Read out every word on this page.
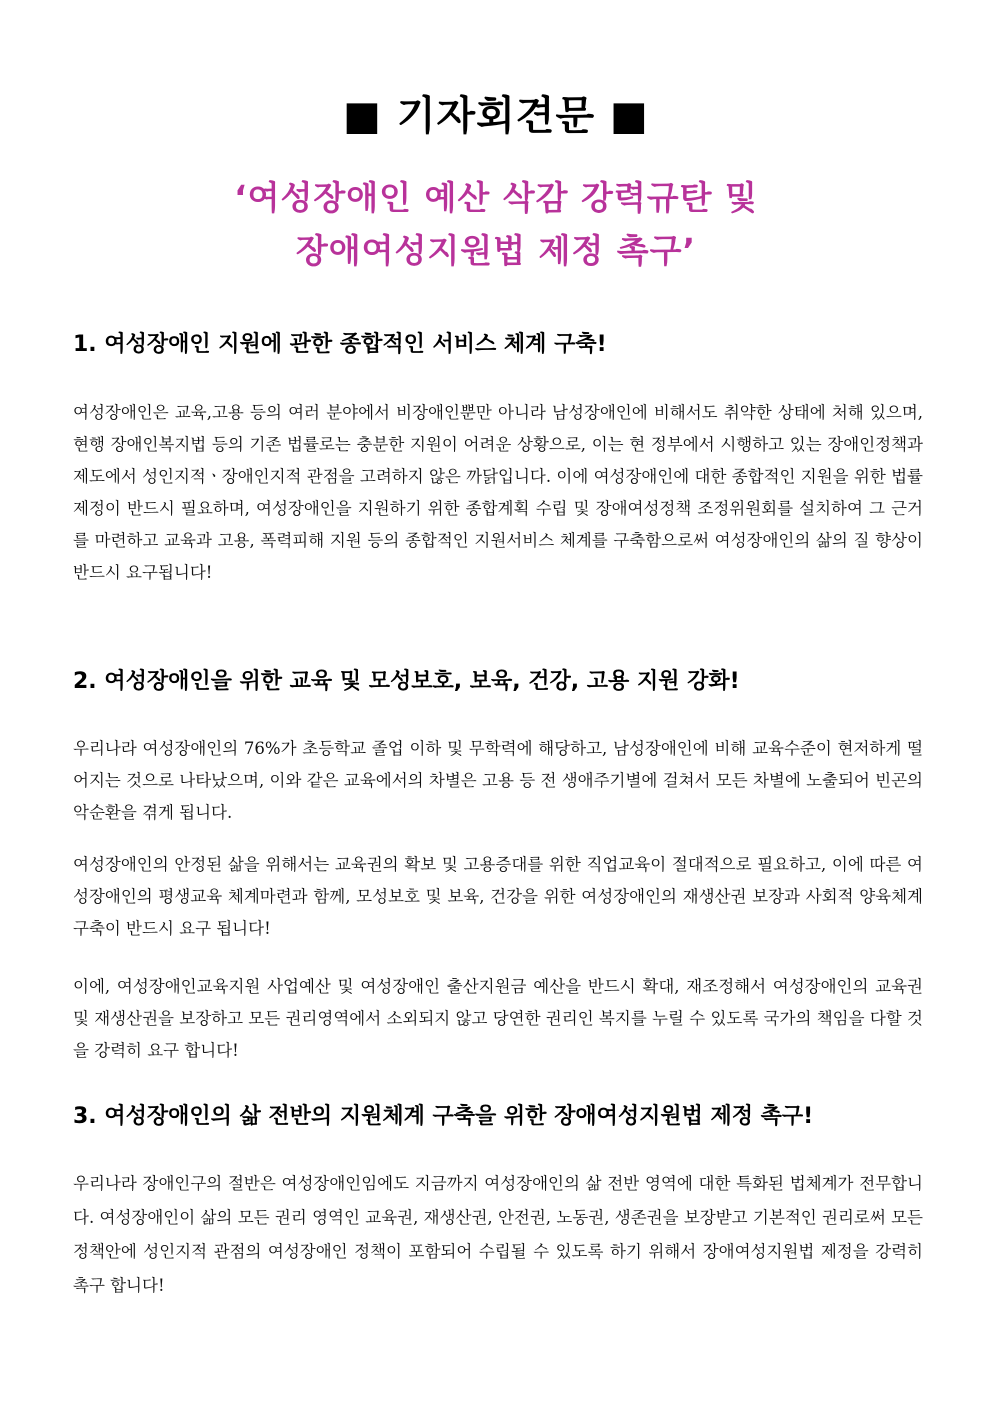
■ 기자회견문 ■
‘여성장애인 예산 삭감 강력규탄 및
장애여성지원법 제정 촉구’
1. 여성장애인 지원에 관한 종합적인 서비스 체계 구축!
여성장애인은 교육,고용 등의 여러 분야에서 비장애인뿐만 아니라 남성장애인에 비해서도 취약한 상태에 처해 있으며, 현행 장애인복지법 등의 기존 법률로는 충분한 지원이 어려운 상황으로, 이는 현 정부에서 시행하고 있는 장애인정책과 제도에서 성인지적ㆍ장애인지적 관점을 고려하지 않은 까닭입니다. 이에 여성장애인에 대한 종합적인 지원을 위한 법률 제정이 반드시 필요하며, 여성장애인을 지원하기 위한 종합계획 수립 및 장애여성정책 조정위원회를 설치하여 그 근거를 마련하고 교육과 고용, 폭력피해 지원 등의 종합적인 지원서비스 체계를 구축함으로써 여성장애인의 삶의 질 향상이 반드시 요구됩니다!
2. 여성장애인을 위한 교육 및 모성보호, 보육, 건강, 고용 지원 강화!
우리나라 여성장애인의 76%가 초등학교 졸업 이하 및 무학력에 해당하고, 남성장애인에 비해 교육수준이 현저하게 떨어지는 것으로 나타났으며, 이와 같은 교육에서의 차별은 고용 등 전 생애주기별에 걸쳐서 모든 차별에 노출되어 빈곤의 악순환을 겪게 됩니다.
여성장애인의 안정된 삶을 위해서는 교육권의 확보 및 고용증대를 위한 직업교육이 절대적으로 필요하고, 이에 따른 여성장애인의 평생교육 체계마련과 함께, 모성보호 및 보육, 건강을 위한 여성장애인의 재생산권 보장과 사회적 양육체계 구축이 반드시 요구 됩니다!
이에, 여성장애인교육지원 사업예산 및 여성장애인 출산지원금 예산을 반드시 확대, 재조정해서 여성장애인의 교육권 및 재생산권을 보장하고 모든 권리영역에서 소외되지 않고 당연한 권리인 복지를 누릴 수 있도록 국가의 책임을 다할 것을 강력히 요구 합니다!
3. 여성장애인의 삶 전반의 지원체계 구축을 위한 장애여성지원법 제정 촉구!
우리나라 장애인구의 절반은 여성장애인임에도 지금까지 여성장애인의 삶 전반 영역에 대한 특화된 법체계가 전무합니다. 여성장애인이 삶의 모든 권리 영역인 교육권, 재생산권, 안전권, 노동권, 생존권을 보장받고 기본적인 권리로써 모든 정책안에 성인지적 관점의 여성장애인 정책이 포함되어 수립될 수 있도록 하기 위해서 장애여성지원법 제정을 강력히 촉구 합니다!
